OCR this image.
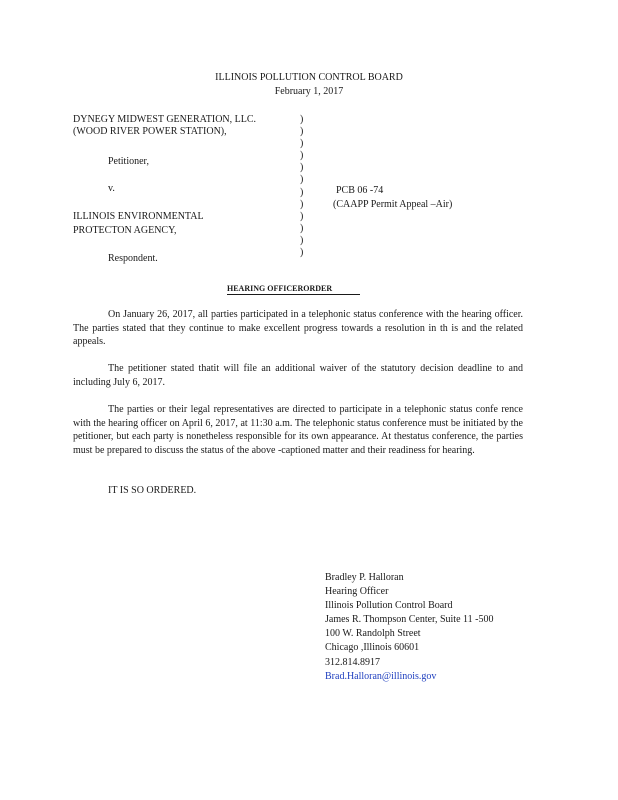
ILLINOIS POLLUTION CONTROL BOARD
February 1, 2017
DYNEGY MIDWEST GENERATION, LLC.
(WOOD RIVER POWER STATION),
Petitioner,
v.
ILLINOIS ENVIRONMENTAL
PROTECTON AGENCY,
Respondent.
)
)
)
)
)
)
)
)
)
)
)
)
PCB 06 -74
(CAAPP Permit Appeal –Air)
HEARING OFFICERORDER
On January 26, 2017, all parties participated in a telephonic status conference with the hearing officer. The parties stated that they continue to make excellent progress towards a resolution in th is and the related appeals.
The petitioner stated thatit will file an additional waiver of the statutory decision deadline to and including July 6, 2017.
The parties or their legal representatives are directed to participate in a telephonic status confe rence with the hearing officer on April 6, 2017, at 11:30 a.m. The telephonic status conference must be initiated by the petitioner, but each party is nonetheless responsible for its own appearance. At thestatus conference, the parties must be prepared to discuss the status of the above -captioned matter and their readiness for hearing.
IT IS SO ORDERED.
Bradley P. Halloran
Hearing Officer
Illinois Pollution Control Board
James R. Thompson Center, Suite 11 -500
100 W. Randolph Street
Chicago ,Illinois 60601
312.814.8917
Brad.Halloran@illinois.gov
